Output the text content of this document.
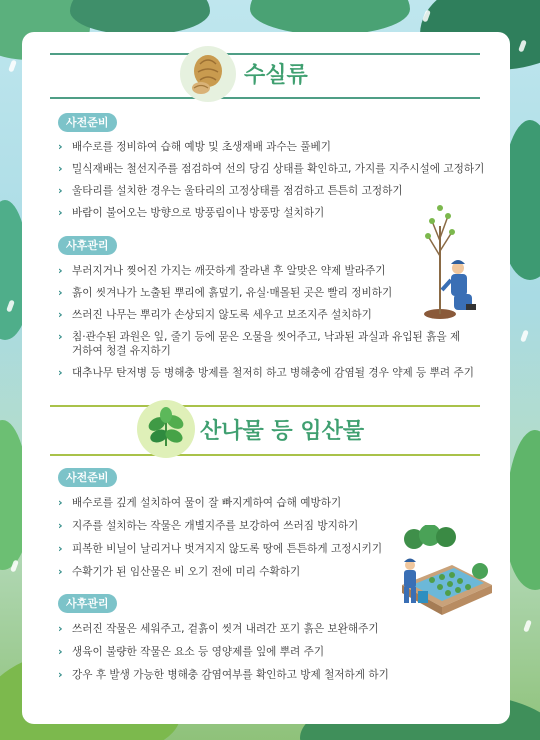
수실류
사전준비
› 배수로를 정비하여 습해 예방 및 초생재배 과수는 풀베기
› 밀식재배는 철선지주를 점검하여 선의 당김 상태를 확인하고, 가지를 지주시설에 고정하기
› 울타리를 설치한 경우는 울타리의 고정상태를 점검하고 튼튼히 고정하기
› 바람이 불어오는 방향으로 방풍림이나 방풍망 설치하기
사후관리
› 부러지거나 찢어진 가지는 깨끗하게 잘라낸 후 알맞은 약제 발라주기
› 흙이 씻겨나가 노출된 뿌리에 흙덮기, 유실·매몰된 곳은 빨리 정비하기
› 쓰러진 나무는 뿌리가 손상되지 않도록 세우고 보조지주 설치하기
› 침·관수된 과원은 잎, 줄기 등에 묻은 오물을 씻어주고, 낙과된 과실과 유입된 흙을 제거하여 청결 유지하기
› 대추나무 탄저병 등 병해충 방제를 철저히 하고 병해충에 감염될 경우 약제 등 뿌려 주기
산나물 등 임산물
사전준비
› 배수로를 깊게 설치하여 물이 잘 빠지게하여 습해 예방하기
› 지주를 설치하는 작물은 개별지주를 보강하여 쓰러짐 방지하기
› 피복한 비닐이 날리거나 벗겨지지 않도록 땅에 튼튼하게 고정시키기
› 수확기가 된 임산물은 비 오기 전에 미리 수확하기
사후관리
› 쓰러진 작물은 세워주고, 겉흙이 씻겨 내려간 포기 흙은 보완해주기
› 생육이 불량한 작물은 요소 등 영양제를 잎에 뿌려 주기
› 강우 후 발생 가능한 병해충 감염여부를 확인하고 방제 철저하게 하기
